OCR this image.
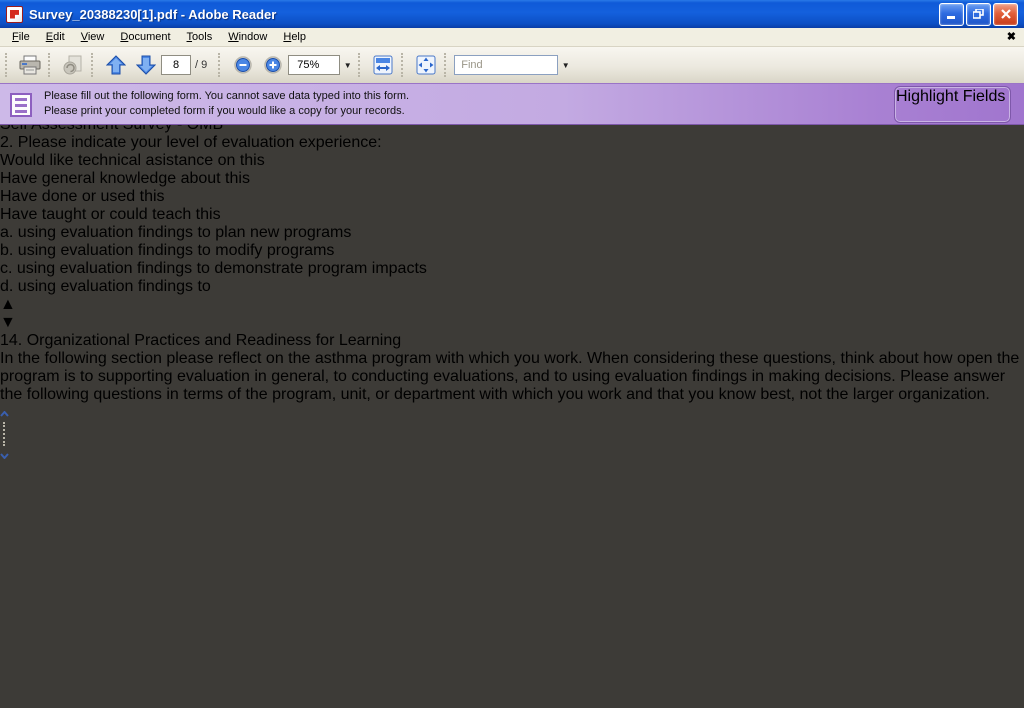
Survey_20388230[1].pdf - Adobe Reader
File	Edit	View	Document	Tools	Window	Help	✖
8	/ 9	75%	▼	Find	▼
Please fill out the following form. You cannot save data typed into this form.
Please print your completed form if you would like a copy for your records.
Highlight Fields
2. Please indicate your level of evaluation experience:
Would like technical asistance on this
Have general knowledge about this
Have done or used this
Have taught or could teach this
a. using evaluation findings to plan new programs
b. using evaluation findings to modify programs
c. using evaluation findings to demonstrate program impacts
d. using evaluation findings to
▲
▼
14. Organizational Practices and Readiness for Learning
In the following section please reflect on the asthma program with which you work. When considering these questions, think about how open the program is to supporting evaluation in general, to conducting evaluations, and to using evaluation findings in making decisions. Please answer the following questions in terms of the program, unit, or department with which you work and that you know best, not the larger organization.
